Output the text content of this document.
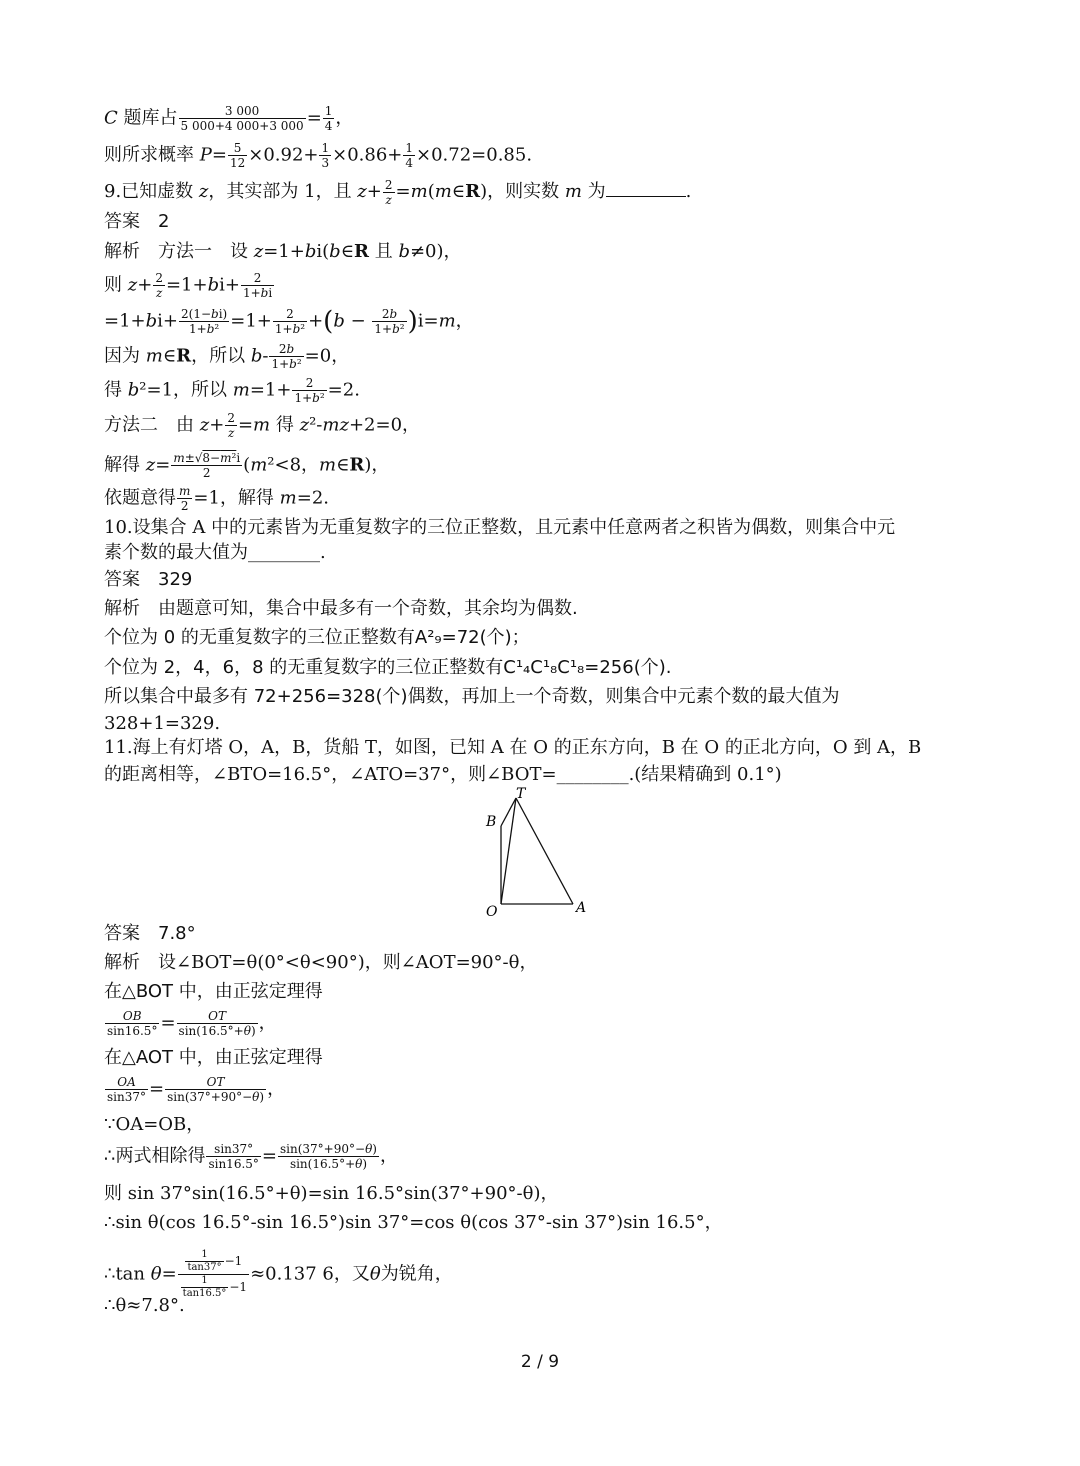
C 题库占 $\frac{3 000}{5 000+4 000+3 000} = \frac{1}{4}$ ，
则所求概率 $P= \frac{5}{12} \times 0.92+ \frac{1}{3} \times 0.86+ \frac{1}{4} \times 0.72=0.85$.
9.已知虚数 z，其实部为 1，且 $z+ \frac{2}{z}$ =m(m∈R)，则实数 m 为	.
答案　2
解析　方法一　设 z=1+bi(b∈R 且 b≠0)，
则 $z+ \frac{2}{z} =1+bi+ \frac{2}{1+bi}$
$=1+bi+ \frac{2(1-bi)}{\text{1+b²}} =1+ \frac{2}{\text{1+b²}} +(b - \frac{2b}{\text{1+b²}} )i=m$，
因为 m∈R，所以 $b- \frac{2b}{\text{1+b²}} =0$，
得 b²=1，所以 $m=1+ \frac{2}{\text{1+b²}} =2$.
方法二　由 $z+ \frac{2}{z} =m$ 得 z²-mz+2=0，
解得 $z= \frac{\text{m±√8−m²i}}{2} (m^2<8$，m∈R)，
依题意得 $\frac{m}{2} =1$，解得 m=2.
10.设集合 A 中的元素皆为无重复数字的三位正整数，且元素中任意两者之积皆为偶数，则集合中元
素个数的最大值为________.
答案　329
解析　由题意可知，集合中最多有一个奇数，其余均为偶数.
个位为 0 的无重复数字的三位正整数有A²₉=72(个)；
个位为 2，4，6，8 的无重复数字的三位正整数有C¹₄C¹₈C¹₈=256(个).
所以集合中最多有 72+256=328(个)偶数，再加上一个奇数，则集合中元素个数的最大值为
328+1=329.
11.海上有灯塔 O，A，B，货船 T，如图，已知 A 在 O 的正东方向，B 在 O 的正北方向，O 到 A，B
的距离相等，∠BTO=16.5°，∠ATO=37°，则∠BOT=________.(结果精确到 0.1°)
T
B
O	A
答案　7.8°
解析　设∠BOT=θ(0°<θ<90°)，则∠AOT=90°-θ，
在△BOT 中，由正弦定理得
$\frac{OB}{\sin 16.5^\circ} = \frac{OT}{\sin(16.5^\circ+\theta)}$ ，
在△AOT 中，由正弦定理得
$\frac{OA}{\sin 37^\circ} = \frac{OT}{\sin(37^\circ+90^\circ-\theta)}$ ，
∵OA=OB，
∴两式相除得 $\frac{\sin 37^\circ}{\sin 16.5^\circ} = \frac{\sin(37^\circ+90^\circ-\theta)}{\sin(16.5^\circ+\theta)}$ ，
则 sin 37°sin(16.5°+θ)=sin 16.5°sin(37°+90°-θ)，
∴sin θ(cos 16.5°-sin 16.5°)sin 37°=cos θ(cos 37°-sin 37°)sin 16.5°，
∴tan $\theta= \frac{\frac{1}{\tan 37^\circ} -1}{\frac{1}{\tan 16.5^\circ} -1} \approx 0.137$ 6，又θ为锐角，
∴θ≈7.8°.
2 / 9
